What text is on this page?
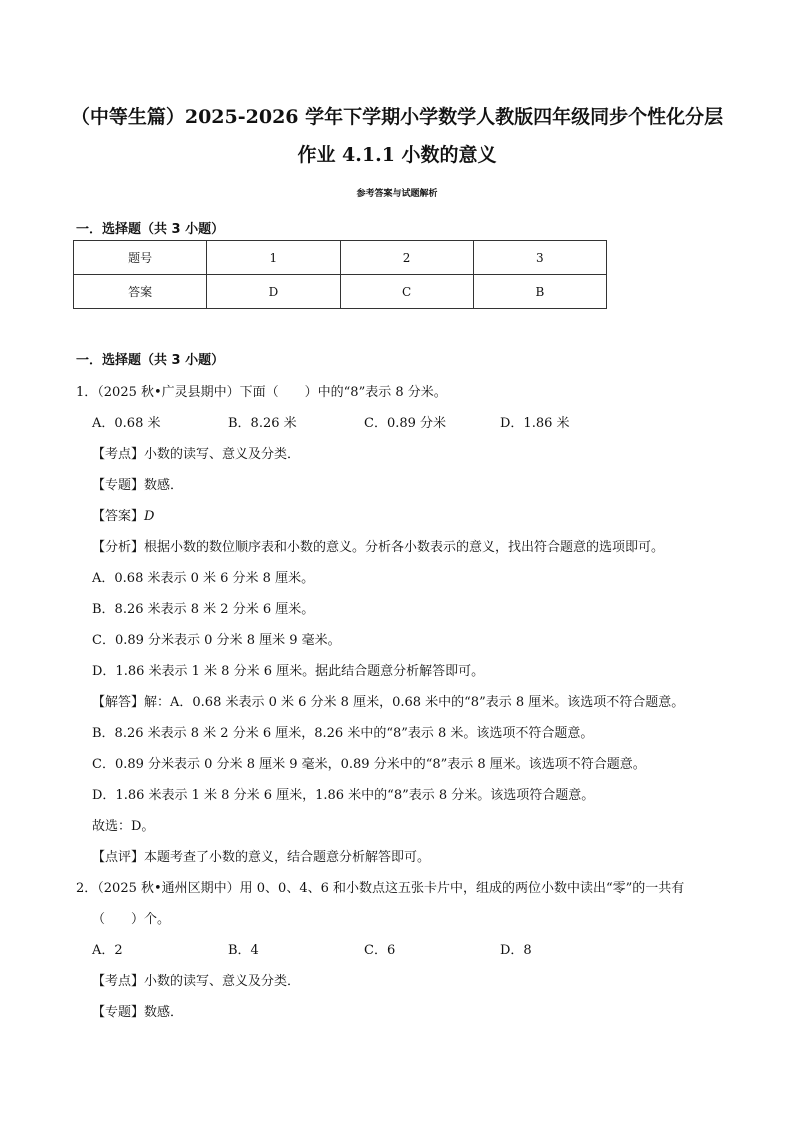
（中等生篇）2025-2026 学年下学期小学数学人教版四年级同步个性化分层作业 4.1.1 小数的意义
参考答案与试题解析
一．选择题（共 3 小题）
题号	1	2	3
答案	D	C	B
一．选择题（共 3 小题）
1．（2025 秋•广灵县期中）下面（　　）中的“8”表示 8 分米。
A．0.68 米	B．8.26 米	C．0.89 分米	D．1.86 米
【考点】小数的读写、意义及分类．
【专题】数感．
【答案】D
【分析】根据小数的数位顺序表和小数的意义。分析各小数表示的意义，找出符合题意的选项即可。
A．0.68 米表示 0 米 6 分米 8 厘米。
B．8.26 米表示 8 米 2 分米 6 厘米。
C．0.89 分米表示 0 分米 8 厘米 9 毫米。
D．1.86 米表示 1 米 8 分米 6 厘米。据此结合题意分析解答即可。
【解答】解：A．0.68 米表示 0 米 6 分米 8 厘米，0.68 米中的“8”表示 8 厘米。该选项不符合题意。
B．8.26 米表示 8 米 2 分米 6 厘米，8.26 米中的“8”表示 8 米。该选项不符合题意。
C．0.89 分米表示 0 分米 8 厘米 9 毫米，0.89 分米中的“8”表示 8 厘米。该选项不符合题意。
D．1.86 米表示 1 米 8 分米 6 厘米，1.86 米中的“8”表示 8 分米。该选项符合题意。
故选：D。
【点评】本题考查了小数的意义，结合题意分析解答即可。
2．（2025 秋•通州区期中）用 0、0、4、6 和小数点这五张卡片中，组成的两位小数中读出“零”的一共有
（　　）个。
A．2	B．4	C．6	D．8
【考点】小数的读写、意义及分类．
【专题】数感．
